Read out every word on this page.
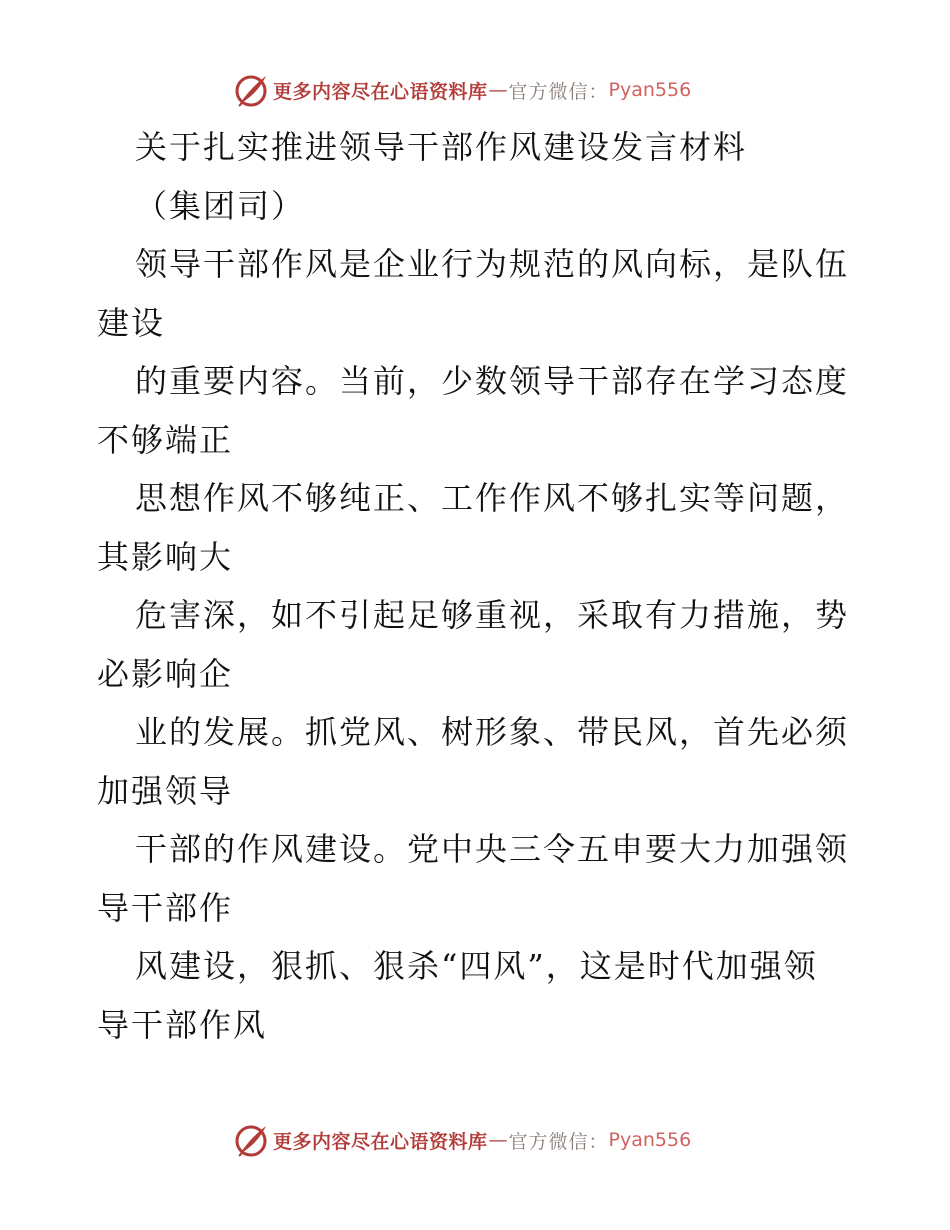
更多内容尽在心语资料库 — 官方微信： Pyan556
关于扎实推进领导干部作风建设发言材料
（集团司）
领导干部作风是企业行为规范的风向标，是队伍
建设
的重要内容。当前，少数领导干部存在学习态度
不够端正
思想作风不够纯正、工作作风不够扎实等问题，
其影响大
危害深，如不引起足够重视，采取有力措施，势
必影响企
业的发展。抓党风、树形象、带民风，首先必须
加强领导
干部的作风建设。党中央三令五申要大力加强领
导干部作
风建设，狠抓、狠杀“四风”，这是时代加强领
导干部作风
更多内容尽在心语资料库 — 官方微信： Pyan556
